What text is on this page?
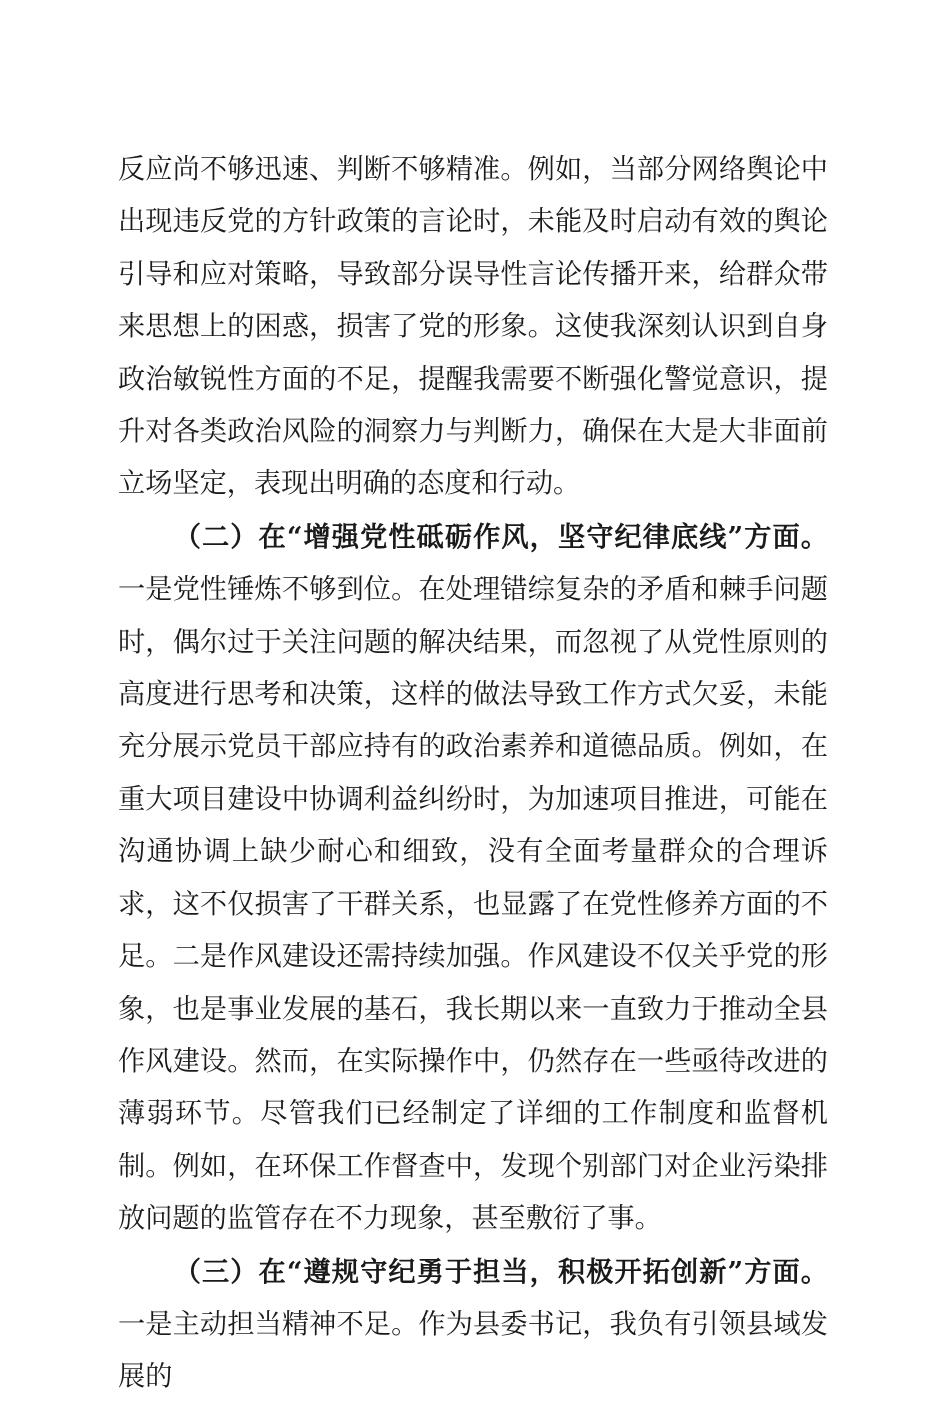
反应尚不够迅速、判断不够精准。例如，当部分网络舆论中出现违反党的方针政策的言论时，未能及时启动有效的舆论引导和应对策略，导致部分误导性言论传播开来，给群众带来思想上的困惑，损害了党的形象。这使我深刻认识到自身政治敏锐性方面的不足，提醒我需要不断强化警觉意识，提升对各类政治风险的洞察力与判断力，确保在大是大非面前立场坚定，表现出明确的态度和行动。

（二）在“增强党性砥砺作风，坚守纪律底线”方面。一是党性锤炼不够到位。在处理错综复杂的矛盾和棘手问题时，偶尔过于关注问题的解决结果，而忽视了从党性原则的高度进行思考和决策，这样的做法导致工作方式欠妥，未能充分展示党员干部应持有的政治素养和道德品质。例如，在重大项目建设中协调利益纠纷时，为加速项目推进，可能在沟通协调上缺少耐心和细致，没有全面考量群众的合理诉求，这不仅损害了干群关系，也显露了在党性修养方面的不足。二是作风建设还需持续加强。作风建设不仅关乎党的形象，也是事业发展的基石，我长期以来一直致力于推动全县作风建设。然而，在实际操作中，仍然存在一些亟待改进的薄弱环节。尽管我们已经制定了详细的工作制度和监督机制。例如，在环保工作督查中，发现个别部门对企业污染排放问题的监管存在不力现象，甚至敷衍了事。

（三）在“遵规守纪勇于担当，积极开拓创新”方面。一是主动担当精神不足。作为县委书记，我负有引领县域发展的
